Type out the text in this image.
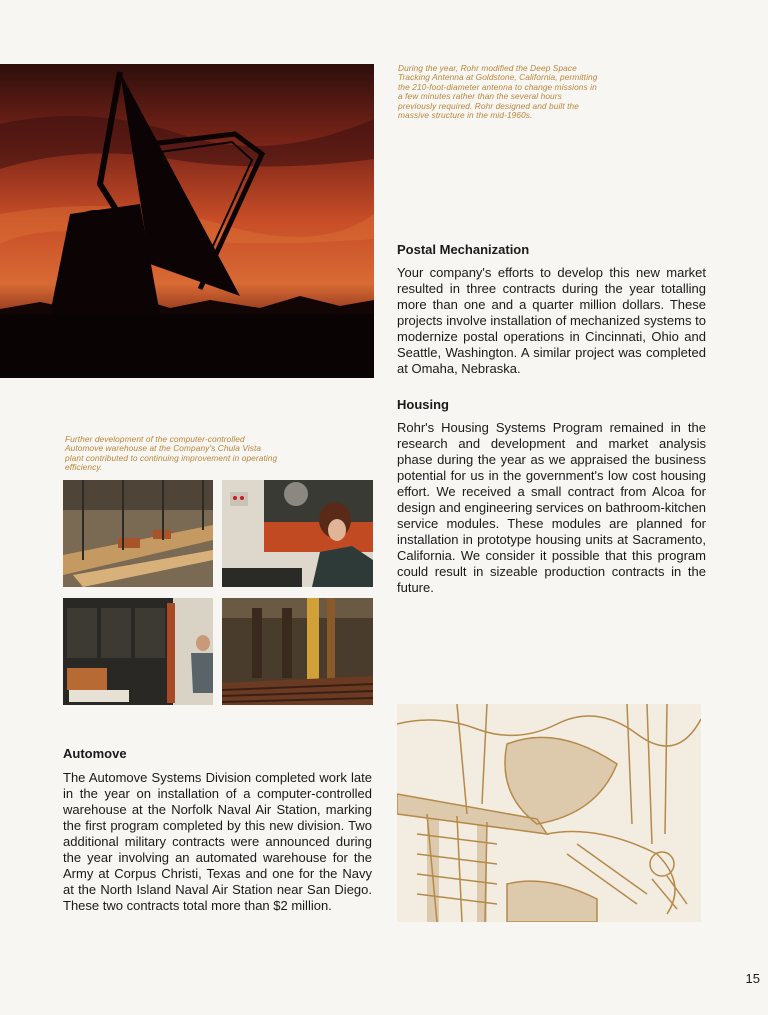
During the year, Rohr modified the Deep Space Tracking Antenna at Goldstone, California, permitting the 210-foot-diameter antenna to change missions in a few minutes rather than the several hours previously required. Rohr designed and built the massive structure in the mid-1960s.
Postal Mechanization

Your company's efforts to develop this new market resulted in three contracts during the year totalling more than one and a quarter million dollars. These projects involve installation of mechanized systems to modernize postal operations in Cincinnati, Ohio and Seattle, Washington. A similar project was completed at Omaha, Nebraska.

Housing

Rohr's Housing Systems Program remained in the research and development and market analysis phase during the year as we appraised the business potential for us in the government's low cost housing effort. We received a small contract from Alcoa for design and engineering services on bathroom-kitchen service modules. These modules are planned for installation in prototype housing units at Sacramento, California. We consider it possible that this program could result in sizeable production contracts in the future.

Further development of the computer-controlled Automove warehouse at the Company's Chula Vista plant contributed to continuing improvement in operating efficiency.
Automove

The Automove Systems Division completed work late in the year on installation of a computer-controlled warehouse at the Norfolk Naval Air Station, marking the first program completed by this new division. Two additional military contracts were announced during the year involving an automated warehouse for the Army at Corpus Christi, Texas and one for the Navy at the North Island Naval Air Station near San Diego. These two contracts total more than $2 million.

15
